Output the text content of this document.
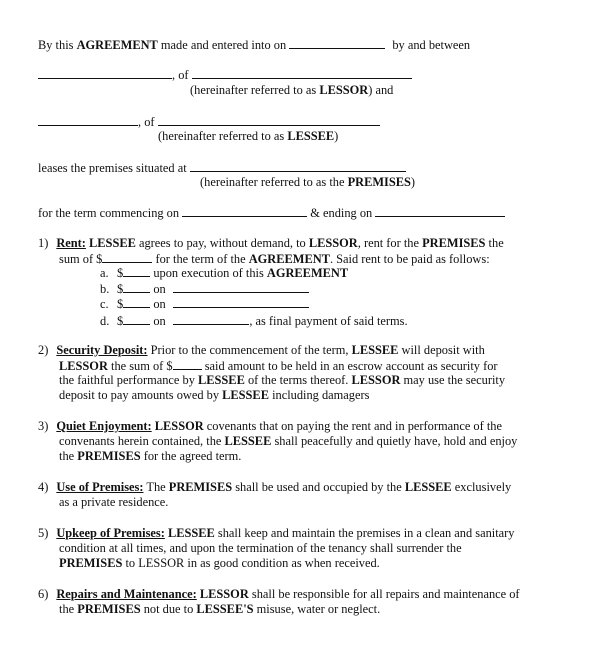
By this AGREEMENT made and entered into on	by and between
, of
(hereinafter referred to as LESSOR) and
, of
(hereinafter referred to as LESSEE)
leases the premises situated at
(hereinafter referred to as the PREMISES)
for the term commencing on	& ending on
1) Rent: LESSEE agrees to pay, without demand, to LESSOR, rent for the PREMISES the
sum of $	for the term of the AGREEMENT. Said rent to be paid as follows:
a. $ upon execution of this AGREEMENT
b. $ on
c. $ on
d. $ on	, as final payment of said terms.
2) Security Deposit: Prior to the commencement of the term, LESSEE will deposit with
LESSOR the sum of $ said amount to be held in an escrow account as security for
the faithful performance by LESSEE of the terms thereof. LESSOR may use the security
deposit to pay amounts owed by LESSEE including damagers
3) Quiet Enjoyment: LESSOR covenants that on paying the rent and in performance of the
convenants herein contained, the LESSEE shall peacefully and quietly have, hold and enjoy
the PREMISES for the agreed term.
4) Use of Premises: The PREMISES shall be used and occupied by the LESSEE exclusively
as a private residence.
5) Upkeep of Premises: LESSEE shall keep and maintain the premises in a clean and sanitary
condition at all times, and upon the termination of the tenancy shall surrender the
PREMISES to LESSOR in as good condition as when received.
6) Repairs and Maintenance: LESSOR shall be responsible for all repairs and maintenance of
the PREMISES not due to LESSEE'S misuse, water or neglect.
